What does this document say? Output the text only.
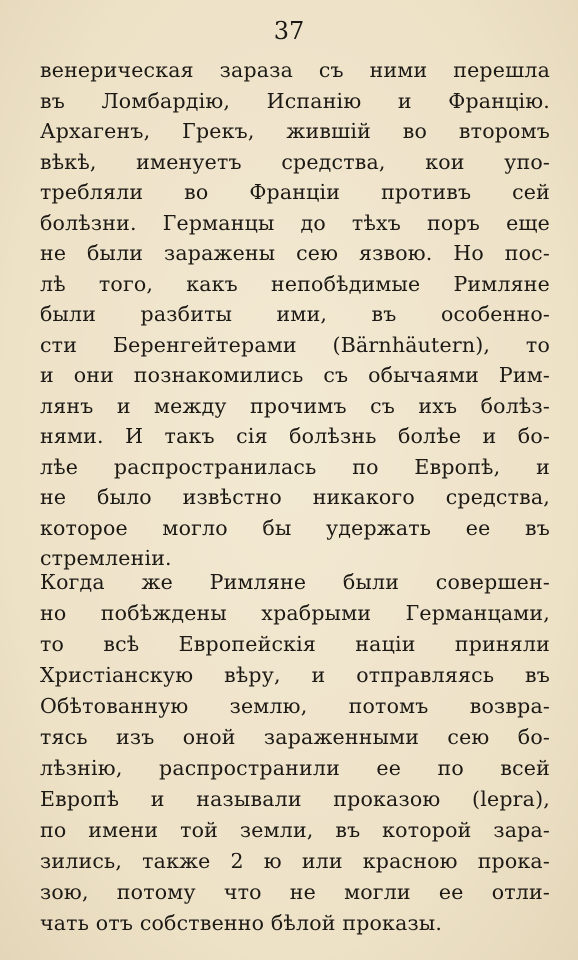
37
венерическая зараза съ ними перешла
въ Ломбардію, Испанію и Францію.
Архагенъ, Грекъ, жившій во второмъ
вѣкѣ, именуетъ средства, кои упо-
требляли во Франціи противъ сей
болѣзни. Германцы до тѣхъ поръ еще
не были заражены сею язвою. Но пос-
лѣ того, какъ непобѣдимые Римляне
были разбиты ими, въ особенно-
сти Беренгейтерами (Bärnhäutern), то
и они познакомились съ обычаями Рим-
лянъ и между прочимъ съ ихъ болѣз-
нями. И такъ сія болѣзнь болѣе и бо-
лѣе распространилась по Европѣ, и
не было извѣстно никакого средства,
которое могло бы удержать ее въ
стремленіи.
Когда же Римляне были совершен-
но побѣждены храбрыми Германцами,
то всѣ Европейскія націи приняли
Христіанскую вѣру, и отправляясь въ
Обѣтованную землю, потомъ возвра-
тясь изъ оной зараженными сею бо-
лѣзнію, распространили ее по всей
Европѣ и называли проказою (lepra),
по имени той земли, въ которой зара-
зились, также 2 ю или красною прока-
зою, потому что не могли ее отли-
чать отъ собственно бѣлой проказы.
